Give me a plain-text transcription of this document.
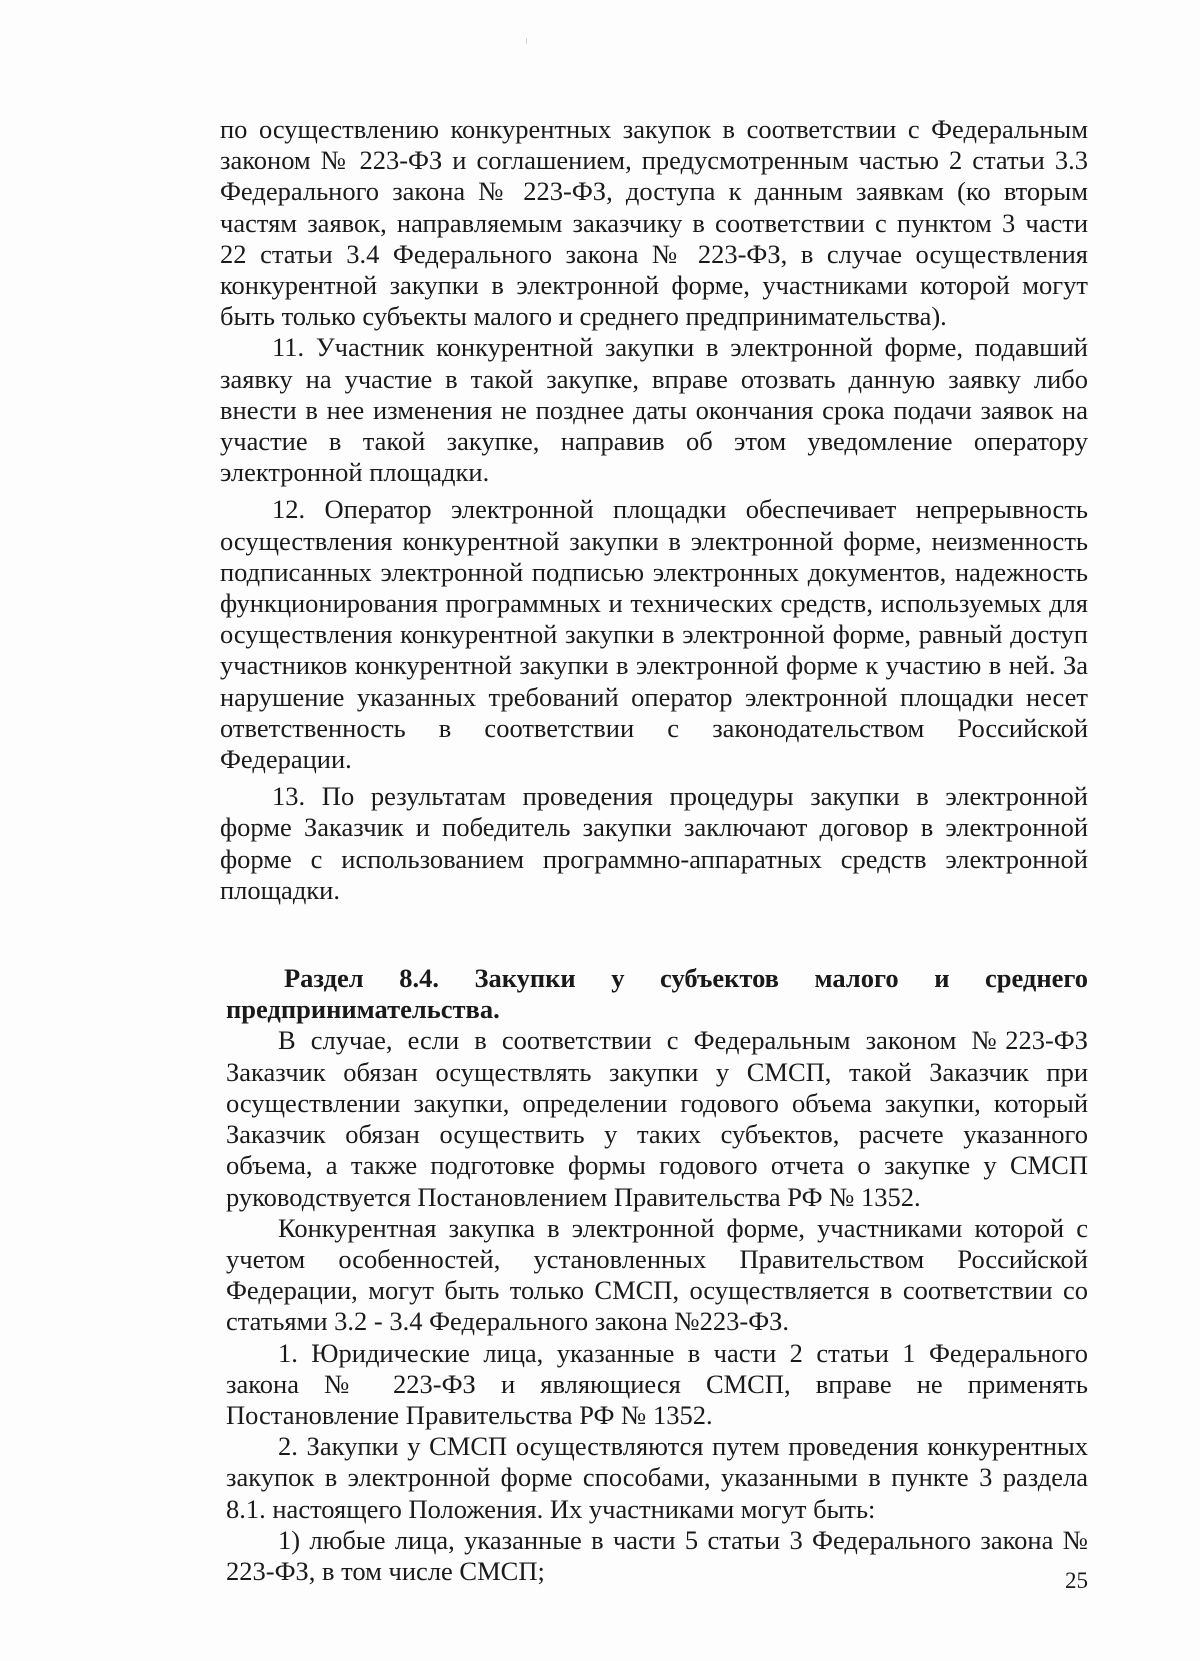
по осуществлению конкурентных закупок в соответствии с Федеральным законом № 223-ФЗ и соглашением, предусмотренным частью 2 статьи 3.3 Федерального закона № 223-ФЗ, доступа к данным заявкам (ко вторым частям заявок, направляемым заказчику в соответствии с пунктом 3 части 22 статьи 3.4 Федерального закона № 223-ФЗ, в случае осуществления конкурентной закупки в электронной форме, участниками которой могут быть только субъекты малого и среднего предпринимательства).

11. Участник конкурентной закупки в электронной форме, подавший заявку на участие в такой закупке, вправе отозвать данную заявку либо внести в нее изменения не позднее даты окончания срока подачи заявок на участие в такой закупке, направив об этом уведомление оператору электронной площадки.

12. Оператор электронной площадки обеспечивает непрерывность осуществления конкурентной закупки в электронной форме, неизменность подписанных электронной подписью электронных документов, надежность функционирования программных и технических средств, используемых для осуществления конкурентной закупки в электронной форме, равный доступ участников конкурентной закупки в электронной форме к участию в ней. За нарушение указанных требований оператор электронной площадки несет ответственность в соответствии с законодательством Российской Федерации.

13. По результатам проведения процедуры закупки в электронной форме Заказчик и победитель закупки заключают договор в электронной форме с использованием программно-аппаратных средств электронной площадки.

Раздел 8.4. Закупки у субъектов малого и среднего предпринимательства.

В случае, если в соответствии с Федеральным законом №223-ФЗ Заказчик обязан осуществлять закупки у СМСП, такой Заказчик при осуществлении закупки, определении годового объема закупки, который Заказчик обязан осуществить у таких субъектов, расчете указанного объема, а также подготовке формы годового отчета о закупке у СМСП руководствуется Постановлением Правительства РФ № 1352.

Конкурентная закупка в электронной форме, участниками которой с учетом особенностей, установленных Правительством Российской Федерации, могут быть только СМСП, осуществляется в соответствии со статьями 3.2 - 3.4 Федерального закона №223-ФЗ.

1. Юридические лица, указанные в части 2 статьи 1 Федерального закона № 223-ФЗ и являющиеся СМСП, вправе не применять Постановление Правительства РФ № 1352.

2. Закупки у СМСП осуществляются путем проведения конкурентных закупок в электронной форме способами, указанными в пункте 3 раздела 8.1. настоящего Положения. Их участниками могут быть:

1) любые лица, указанные в части 5 статьи 3 Федерального закона № 223-ФЗ, в том числе СМСП;	25
